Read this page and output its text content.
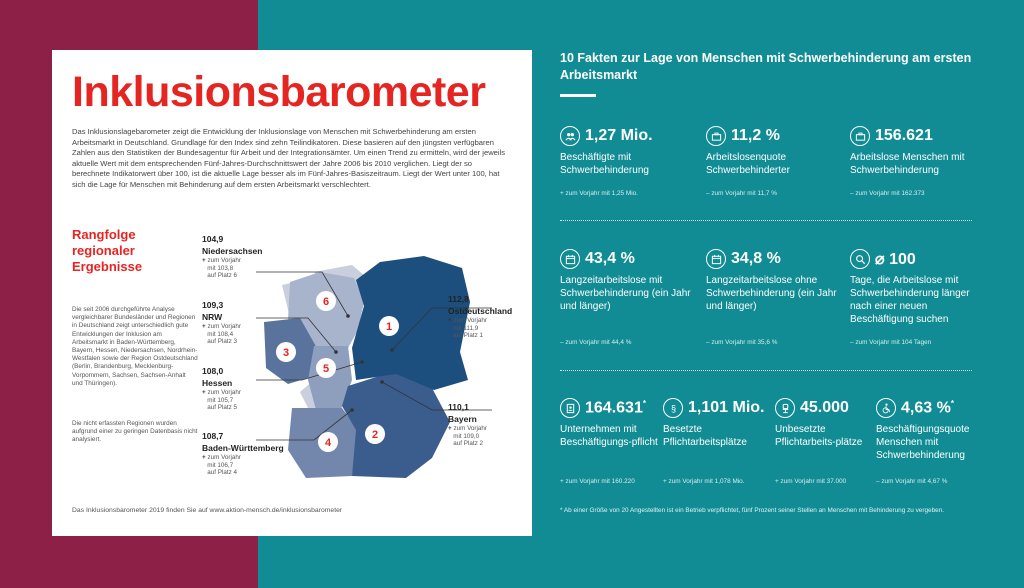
Inklusionsbarometer

Das Inklusionslagebarometer zeigt die Entwicklung der Inklusionslage von Menschen mit Schwerbehinderung am ersten Arbeitsmarkt in Deutschland. Grundlage für den Index sind zehn Teilindikatoren. Diese basieren auf den jüngsten verfügbaren Zahlen aus den Statistiken der Bundesagentur für Arbeit und der Integrationsämter. Um einen Trend zu ermitteln, wird der jeweils aktuelle Wert mit dem entsprechenden Fünf-Jahres-Durchschnittswert der Jahre 2006 bis 2010 verglichen. Liegt der so berechnete Indikatorwert über 100, ist die aktuelle Lage besser als im Fünf-Jahres-Basiszeitraum. Liegt der Wert unter 100, hat sich die Lage für Menschen mit Behinderung auf dem ersten Arbeitsmarkt verschlechtert.

Rangfolge regionaler Ergebnisse

Die seit 2006 durchgeführte Analyse vergleichbarer Bundesländer und Regionen in Deutschland zeigt unterschiedlich gute Entwicklungen der Inklusion am Arbeitsmarkt in Baden-Württemberg, Bayern, Hessen, Niedersachsen, Nordrhein-Westfalen sowie der Region Ostdeutschland (Berlin, Brandenburg, Mecklenburg-Vorpommern, Sachsen, Sachsen-Anhalt und Thüringen).

Die nicht erfassten Regionen wurden aufgrund einer zu geringen Datenbasis nicht analysiert.

1
2
3
4
5
6
104,9
Niedersachsen
+ zum Vorjahr
mit 103,8
auf Platz 6
109,3
NRW
+ zum Vorjahr
mit 108,4
auf Platz 3
108,0
Hessen
+ zum Vorjahr
mit 105,7
auf Platz 5
108,7
Baden-Württemberg
+ zum Vorjahr
mit 106,7
auf Platz 4
112,8
Ostdeutschland
+ zum Vorjahr
mit 111,9
auf Platz 1
110,1
Bayern
+ zum Vorjahr
mit 109,0
auf Platz 2

Das Inklusionsbarometer 2019 finden Sie auf www.aktion-mensch.de/inklusionsbarometer

10 Fakten zur Lage von Menschen mit Schwerbehinderung am ersten Arbeitsmarkt
1,27 Mio.
Beschäftigte mit Schwerbehinderung
+ zum Vorjahr mit 1,25 Mio.
11,2 %
Arbeitslosenquote Schwerbehinderter
– zum Vorjahr mit 11,7 %
156.621
Arbeitslose Menschen mit Schwerbehinderung
– zum Vorjahr mit 162.373
43,4 %
Langzeitarbeitslose mit Schwerbehinderung (ein Jahr und länger)
– zum Vorjahr mit 44,4 %
34,8 %
Langzeitarbeitslose ohne Schwerbehinderung (ein Jahr und länger)
– zum Vorjahr mit 35,6 %
⌀ 100
Tage, die Arbeitslose mit Schwerbehinderung länger nach einer neuen Beschäftigung suchen
– zum Vorjahr mit 104 Tagen
164.631*
Unternehmen mit Beschäftigungs-pflicht
+ zum Vorjahr mit 160.220
§ 1,101 Mio.
Besetzte Pflichtarbeitsplätze
+ zum Vorjahr mit 1,078 Mio.
45.000
Unbesetzte Pflichtarbeits-plätze
+ zum Vorjahr mit 37.000
4,63 %*
Beschäftigungsquote Menschen mit Schwerbehinderung
– zum Vorjahr mit 4,67 %

* Ab einer Größe von 20 Angestellten ist ein Betrieb verpflichtet, fünf Prozent seiner Stellen an Menschen mit Behinderung zu vergeben.
